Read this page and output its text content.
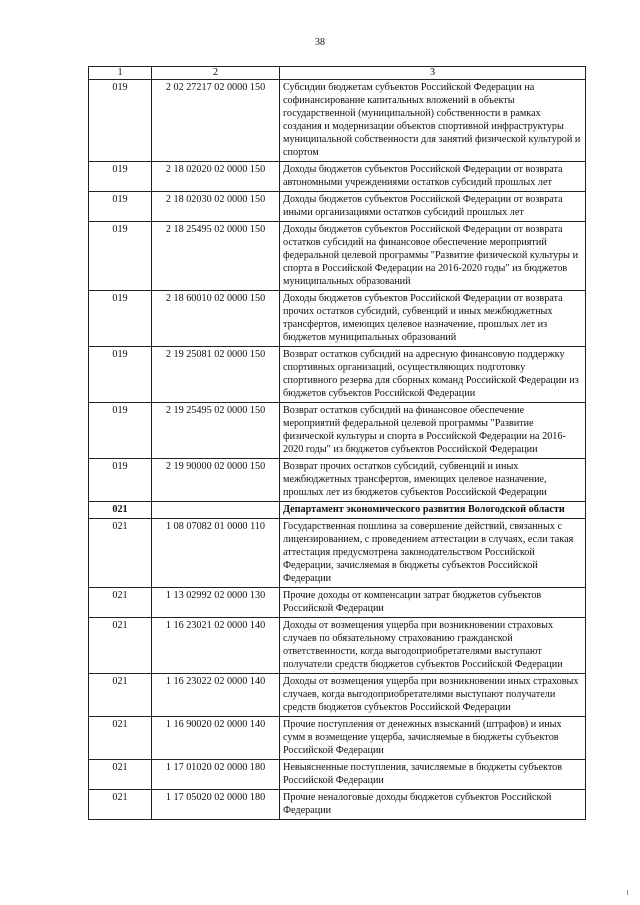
38
1	2	3
019	2 02 27217 02 0000 150	Субсидии бюджетам субъектов Российской Федерации на софинансирование капитальных вложений в объекты государственной (муниципальной) собственности в рамках создания и модернизации объектов спортивной инфраструктуры муниципальной собственности для занятий физической культурой и спортом
019	2 18 02020 02 0000 150	Доходы бюджетов субъектов Российской Федерации от возврата автономными учреждениями остатков субсидий прошлых лет
019	2 18 02030 02 0000 150	Доходы бюджетов субъектов Российской Федерации от возврата иными организациями остатков субсидий прошлых лет
019	2 18 25495 02 0000 150	Доходы бюджетов субъектов Российской Федерации от возврата остатков субсидий на финансовое обеспечение мероприятий федеральной целевой программы "Развитие физической культуры и спорта в Российской Федерации на 2016-2020 годы" из бюджетов муниципальных образований
019	2 18 60010 02 0000 150	Доходы бюджетов субъектов Российской Федерации от возврата прочих остатков субсидий, субвенций и иных межбюджетных трансфертов, имеющих целевое назначение, прошлых лет из бюджетов муниципальных образований
019	2 19 25081 02 0000 150	Возврат остатков субсидий на адресную финансовую поддержку спортивных организаций, осуществляющих подготовку спортивного резерва для сборных команд Российской Федерации из бюджетов субъектов Российской Федерации
019	2 19 25495 02 0000 150	Возврат остатков субсидий на финансовое обеспечение мероприятий федеральной целевой программы "Развитие физической культуры и спорта в Российской Федерации на 2016-2020 годы" из бюджетов субъектов Российской Федерации
019	2 19 90000 02 0000 150	Возврат прочих остатков субсидий, субвенций и иных межбюджетных трансфертов, имеющих целевое назначение, прошлых лет из бюджетов субъектов Российской Федерации
021		Департамент экономического развития Вологодской области
021	1 08 07082 01 0000 110	Государственная пошлина за совершение действий, связанных с лицензированием, с проведением аттестации в случаях, если такая аттестация предусмотрена законодательством Российской Федерации, зачисляемая в бюджеты субъектов Российской Федерации
021	1 13 02992 02 0000 130	Прочие доходы от компенсации затрат бюджетов субъектов Российской Федерации
021	1 16 23021 02 0000 140	Доходы от возмещения ущерба при возникновении страховых случаев по обязательному страхованию гражданской ответственности, когда выгодоприобретателями выступают получатели средств бюджетов субъектов Российской Федерации
021	1 16 23022 02 0000 140	Доходы от возмещения ущерба при возникновении иных страховых случаев, когда выгодоприобретателями выступают получатели средств бюджетов субъектов Российской Федерации
021	1 16 90020 02 0000 140	Прочие поступления от денежных взысканий (штрафов) и иных сумм в возмещение ущерба, зачисляемые в бюджеты субъектов Российской Федерации
021	1 17 01020 02 0000 180	Невыясненные поступления, зачисляемые в бюджеты субъектов Российской Федерации
021	1 17 05020 02 0000 180	Прочие неналоговые доходы бюджетов субъектов Российской Федерации
